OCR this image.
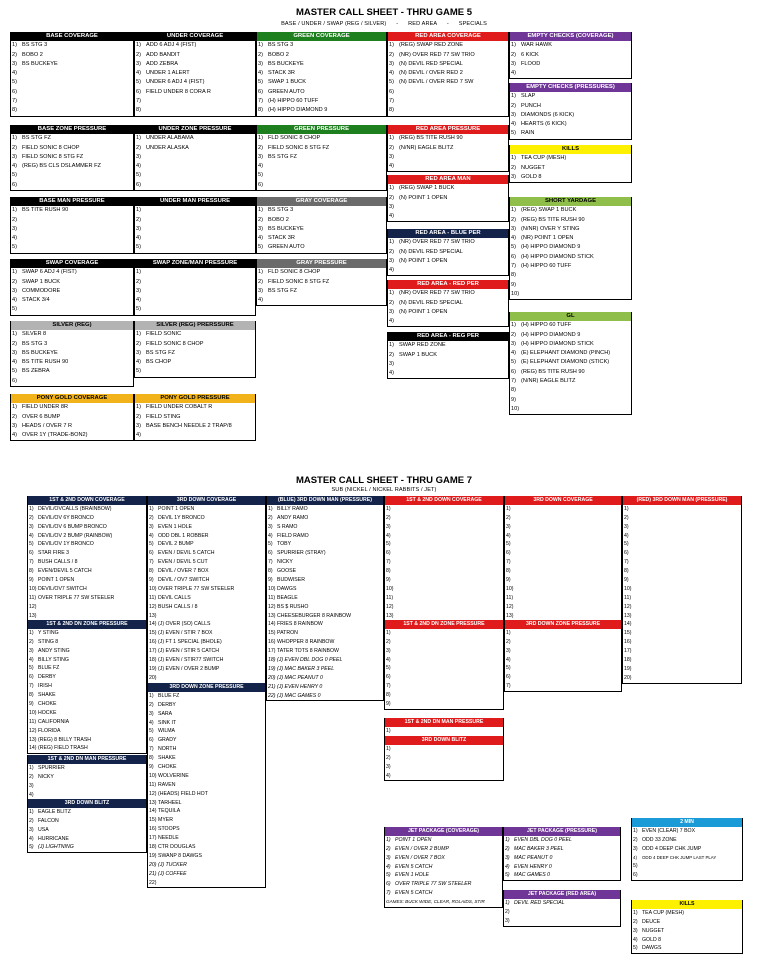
MASTER CALL SHEET - THRU GAME 5
BASE / UNDER / SWAP (REG / SILVER)      -      RED AREA      -      SPECIALS
BASE COVERAGE
1) BS STG 3
2) BOBO 2
3) BS BUCKEYE
4)
5)
6)
7)
8)
UNDER COVERAGE
1) ADD 6 ADJ 4 (FIST)
2) ADD BANDIT
3) ADD ZEBRA
4) UNDER 1 ALERT
5) UNDER 6 ADJ 4 (FIST)
6) FIELD UNDER 8 CORA R
7)
8)
GREEN COVERAGE
1) BS STG 3
2) BOBO 2
3) BS BUCKEYE
4) STACK 3R
5) SWAP 1 BUCK
6) GREEN AUTO
7) (H) HIPPO 60 TUFF
8) (H) HIPPO DIAMOND 9
RED AREA COVERAGE
1) (REG) SWAP RED ZONE
2) (NR) OVER RED 77 SW TRIO
3) (N) DEVIL RED SPECIAL
4) (N) DEVIL / OVER RED 2
5) (N) DEVIL / OVER RED 7 SW
6)
7)
8)
EMPTY CHECKS (COVERAGE)
1) WAR HAWK
2) 6 KICK
3) FLOOD
4)
EMPTY CHECKS (PRESSURES)
1) SLAP
2) PUNCH
3) DIAMONDS (6 KICK)
4) HEARTS (6 KICK)
5) RAIN
KILLS
1) TEA CUP (MESH)
2) NUGGET
3) GOLD 8
BASE ZONE PRESSURE
1) BS STG FZ
2) FIELD SONIC 8 CHOP
3) FIELD SONIC 8 STG FZ
4) (REG) BS CLS DSLAMMER FZ
5)
6)
UNDER ZONE PRESSURE
1) UNDER ALABAMA
2) UNDER ALASKA
3)
4)
5)
6)
GREEN PRESSURE
1) FLD SONIC 8 CHOP
2) FIELD SONIC 8 STG FZ
3) BS STG FZ
4)
5)
6)
RED AREA PRESSURE
1) (REG) BS TITE RUSH 90
2) (N/NR) EAGLE BLITZ
3)
4)
RED AREA MAN
1) (REG) SWAP 1 BUCK
2) (N) POINT 1 OPEN
3)
4)
SHORT YARDAGE
1) (REG) SWAP 1 BUCK
2) (REG) BS TITE RUSH 90
3) (N/NR) OVER Y STING
4) (NR) POINT 1 OPEN
5) (H) HIPPO DIAMOND 9
6) (H) HIPPO DIAMOND STICK
7) (H) HIPPO 60 TUFF
8)
9)
10)
BASE MAN PRESSURE
1) BS TITE RUSH 90
2)
3)
4)
5)
UNDER MAN PRESSURE
1)
2)
3)
4)
5)
GRAY COVERAGE
1) BS STG 3
2) BOBO 2
3) BS BUCKEYE
4) STACK 3R
5) GREEN AUTO
RED AREA - BLUE PER
1) (NR) OVER RED 77 SW TRIO
2) (N) DEVIL RED SPECIAL
3) (N) POINT 1 OPEN
4)
SWAP COVERAGE
1) SWAP 6 ADJ 4 (FIST)
2) SWAP 1 BUCK
3) COMMODORE
4) STACK 3/4
5)
SWAP ZONE/MAN PRESSURE
1)
2)
3)
4)
5)
GRAY PRESSURE
1) FLD SONIC 8 CHOP
2) FIELD SONIC 8 STG FZ
3) BS STG FZ
4)
RED AREA - RED PER
1) (NR) OVER RED 77 SW TRIO
2) (N) DEVIL RED SPECIAL
3) (N) POINT 1 OPEN
4)
GL
1) (H) HIPPO 60 TUFF
2) (H) HIPPO DIAMOND 9
3) (H) HIPPO DIAMOND STICK
4) (E) ELEPHANT DIAMOND (PINCH)
5) (E) ELEPHANT DIAMOND (STICK)
6) (REG) BS TITE RUSH 90
7) (N/NR) EAGLE BLITZ
8)
9)
10)
SILVER (REG)
1) SILVER 8
2) BS STG 3
3) BS BUCKEYE
4) BS TITE RUSH 90
5) BS ZEBRA
6)
SILVER (REG) PRERSSURE
1) FIELD SONIC
2) FIELD SONIC 8 CHOP
3) BS STG FZ
4) BS CHOP
5)
RED AREA - REG PER
1) SWAP RED ZONE
2) SWAP 1 BUCK
3)
4)
PONY GOLD COVERAGE
1) FIELD UNDER 8R
2) OVER 6 BUMP
3) HEADS / OVER 7 R
4) OVER 1Y (TRADE-BON2)
PONY GOLD PRESSURE
1) FIELD UNDER COBALT R
2) FIELD STING
3) BASE BENCH NEEDLE 2 TRAP/8
4)
MASTER CALL SHEET - THRU GAME 7
SUB (NICKEL / NICKEL RABBITS / JET)
1ST & 2ND DOWN COVERAGE
1) DEVIL/OVCALLS (BRAINBOW)
2) DEVIL/OV 6Y BRONCO
3) DEVIL/OV 6 BUMP BRONCO
4) DEVIL/OV 2 BUMP (RAINBOW)
5) DEVIL/OV 1Y BRONCO
6) STAR FIRE 3
7) BUSH CALLS / 8
8) EVEN/DEVIL 5 CATCH
9) POINT 1 OPEN
10) DEVIL/OV7 SWITCH
11) OVER TRIPLE 77 SW STEELER
12)
13)
3RD DOWN COVERAGE
1) POINT 1 OPEN
2) DEVIL 1Y BRONCO
3) EVEN 1 HOLE
4) ODD DBL 1 ROBBER
5) DEVIL 2 BUMP
6) EVEN / DEVIL 5 CATCH
7) EVEN / DEVIL 5 CUT
8) DEVIL / OVER 7 BOX
9) DEVIL / OV7 SWITCH
10) OVER TRIPLE 77 SW STEELER
11) DEVIL CALLS
12) BUSH CALLS / 8
13)
14) (J) OVER (SO) CALLS
15) (J) EVEN / STIR 7 BOX
16) (J) FT 1 SPECIAL (BHOLE)
17) (J) EVEN / STIR 5 CATCH
18) (J) EVEN / STIR77 SWITCH
19) (J) EVEN / OVER 2 BUMP
20)
(BLUE) 3RD DOWN MAN (PRESSURE)
1) BILLY RAMO
2) ANDY RAMO
3) S RAMO
4) FIELD RAMO
5) TOBY
6) SPURRIER (STRAY)
7) NICKY
8) GOOSE
9) BUDWISER
10) DAWGS
11) BEAGLE
12) BS $ RUSHO
13) CHEESEBURGER 8 RAINBOW
14) FRIES 8 RAINBOW
15) PATRON
16) WHOPPER 8 RAINBOW
17) TATER TOTS 8 RAINBOW
18) (J) EVEN DBL DOG 0 PEEL
19) (J) MAC BAKER 3 PEEL
20) (J) MAC PEANUT 0
21) (J) EVEN HENRY 0
22) (J) MAC GAMES 0
1ST & 2ND DOWN COVERAGE
1)
2)
3)
4)
5)
6)
7)
8)
9)
10)
11)
12)
13)
3RD DOWN COVERAGE
1)
2)
3)
4)
5)
6)
7)
8)
9)
10)
11)
12)
13)
(RED) 3RD DOWN MAN (PRESSURE)
1)
2)
3)
4)
5)
6)
7)
8)
9)
10)
11)
12)
13)
14)
15)
16)
17)
18)
19)
20)
1ST & 2ND DN ZONE PRESSURE
1) Y STING
2) STING 8
3) ANDY STING
4) BILLY STING
5) BLUE FZ
6) DERBY
7) IRISH
8) SHAKE
9) CHOKE
10) HOCKE
11) CALIFORNIA
12) FLORIDA
13) (REG) 8 BILLY TRASH
14) (REG) FIELD TRASH
1ST & 2ND DN ZONE PRESSURE
1)
2)
3)
4)
5)
6)
7)
8)
9)
3RD DOWN ZONE PRESSURE
1)
2)
3)
4)
5)
6)
7)
3RD DOWN ZONE PRESSURE
1) BLUE FZ
2) DERBY
3) SARA
4) SINK IT
5) WILMA
6) GRADY
7) NORTH
8) SHAKE
9) CHOKE
10) WOLVERINE
11) RAVEN
12) (HEADS) FIELD HOT
13) TARHEEL
14) TEQUILA
15) MYER
16) STOOPS
17) NEEDLE
18) CTR DOUGLAS
19) SWANP 8 DAWGS
20) (J) TUCKER
21) (J) COFFEE
22)
1ST & 2ND DN MAN PRESSURE
1) SPURRIER
2) NICKY
3)
4)
1ST & 2ND DN MAN PRESSURE
1)
3RD DOWN BLITZ
1)
2)
3)
4)
3RD DOWN BLITZ
1) EAGLE BLITZ
2) FALCON
3) USA
4) HURRICANE
5) (J) LIGHTNING
JET PACKAGE (COVERAGE)
1) POINT 1 OPEN
2) EVEN / OVER 2 BUMP
3) EVEN / OVER 7 BOX
4) EVEN 5 CATCH
5) EVEN 1 HOLE
6) OVER TRIPLE 77 SW STEELER
7) EVEN 5 CATCH
GAMES: BUCK WIDE, CLEAR, ROLAIDS, STIR
JET PACKAGE (PRESSURE)
1) EVEN DBL DOG 0 PEEL
2) MAC BAKER 3 PEEL
3) MAC PEANUT 0
4) EVEN HENRY 0
5) MAC GAMES 0
JET PACKAGE (RED AREA)
1) DEVIL RED SPECIAL
2)
3)
2 MIN
1) EVEN (CLEAR) 7 BOX
2) ODD 33 ZONE
3) ODD 4 DEEP CHK JUMP
4) ODD 4 DEEP CHK JUMP LAST PLAY
5)
6)
KILLS
1) TEA CUP (MESH)
2) DEUCE
3) NUGGET
4) GOLD 8
5) DAWGS
